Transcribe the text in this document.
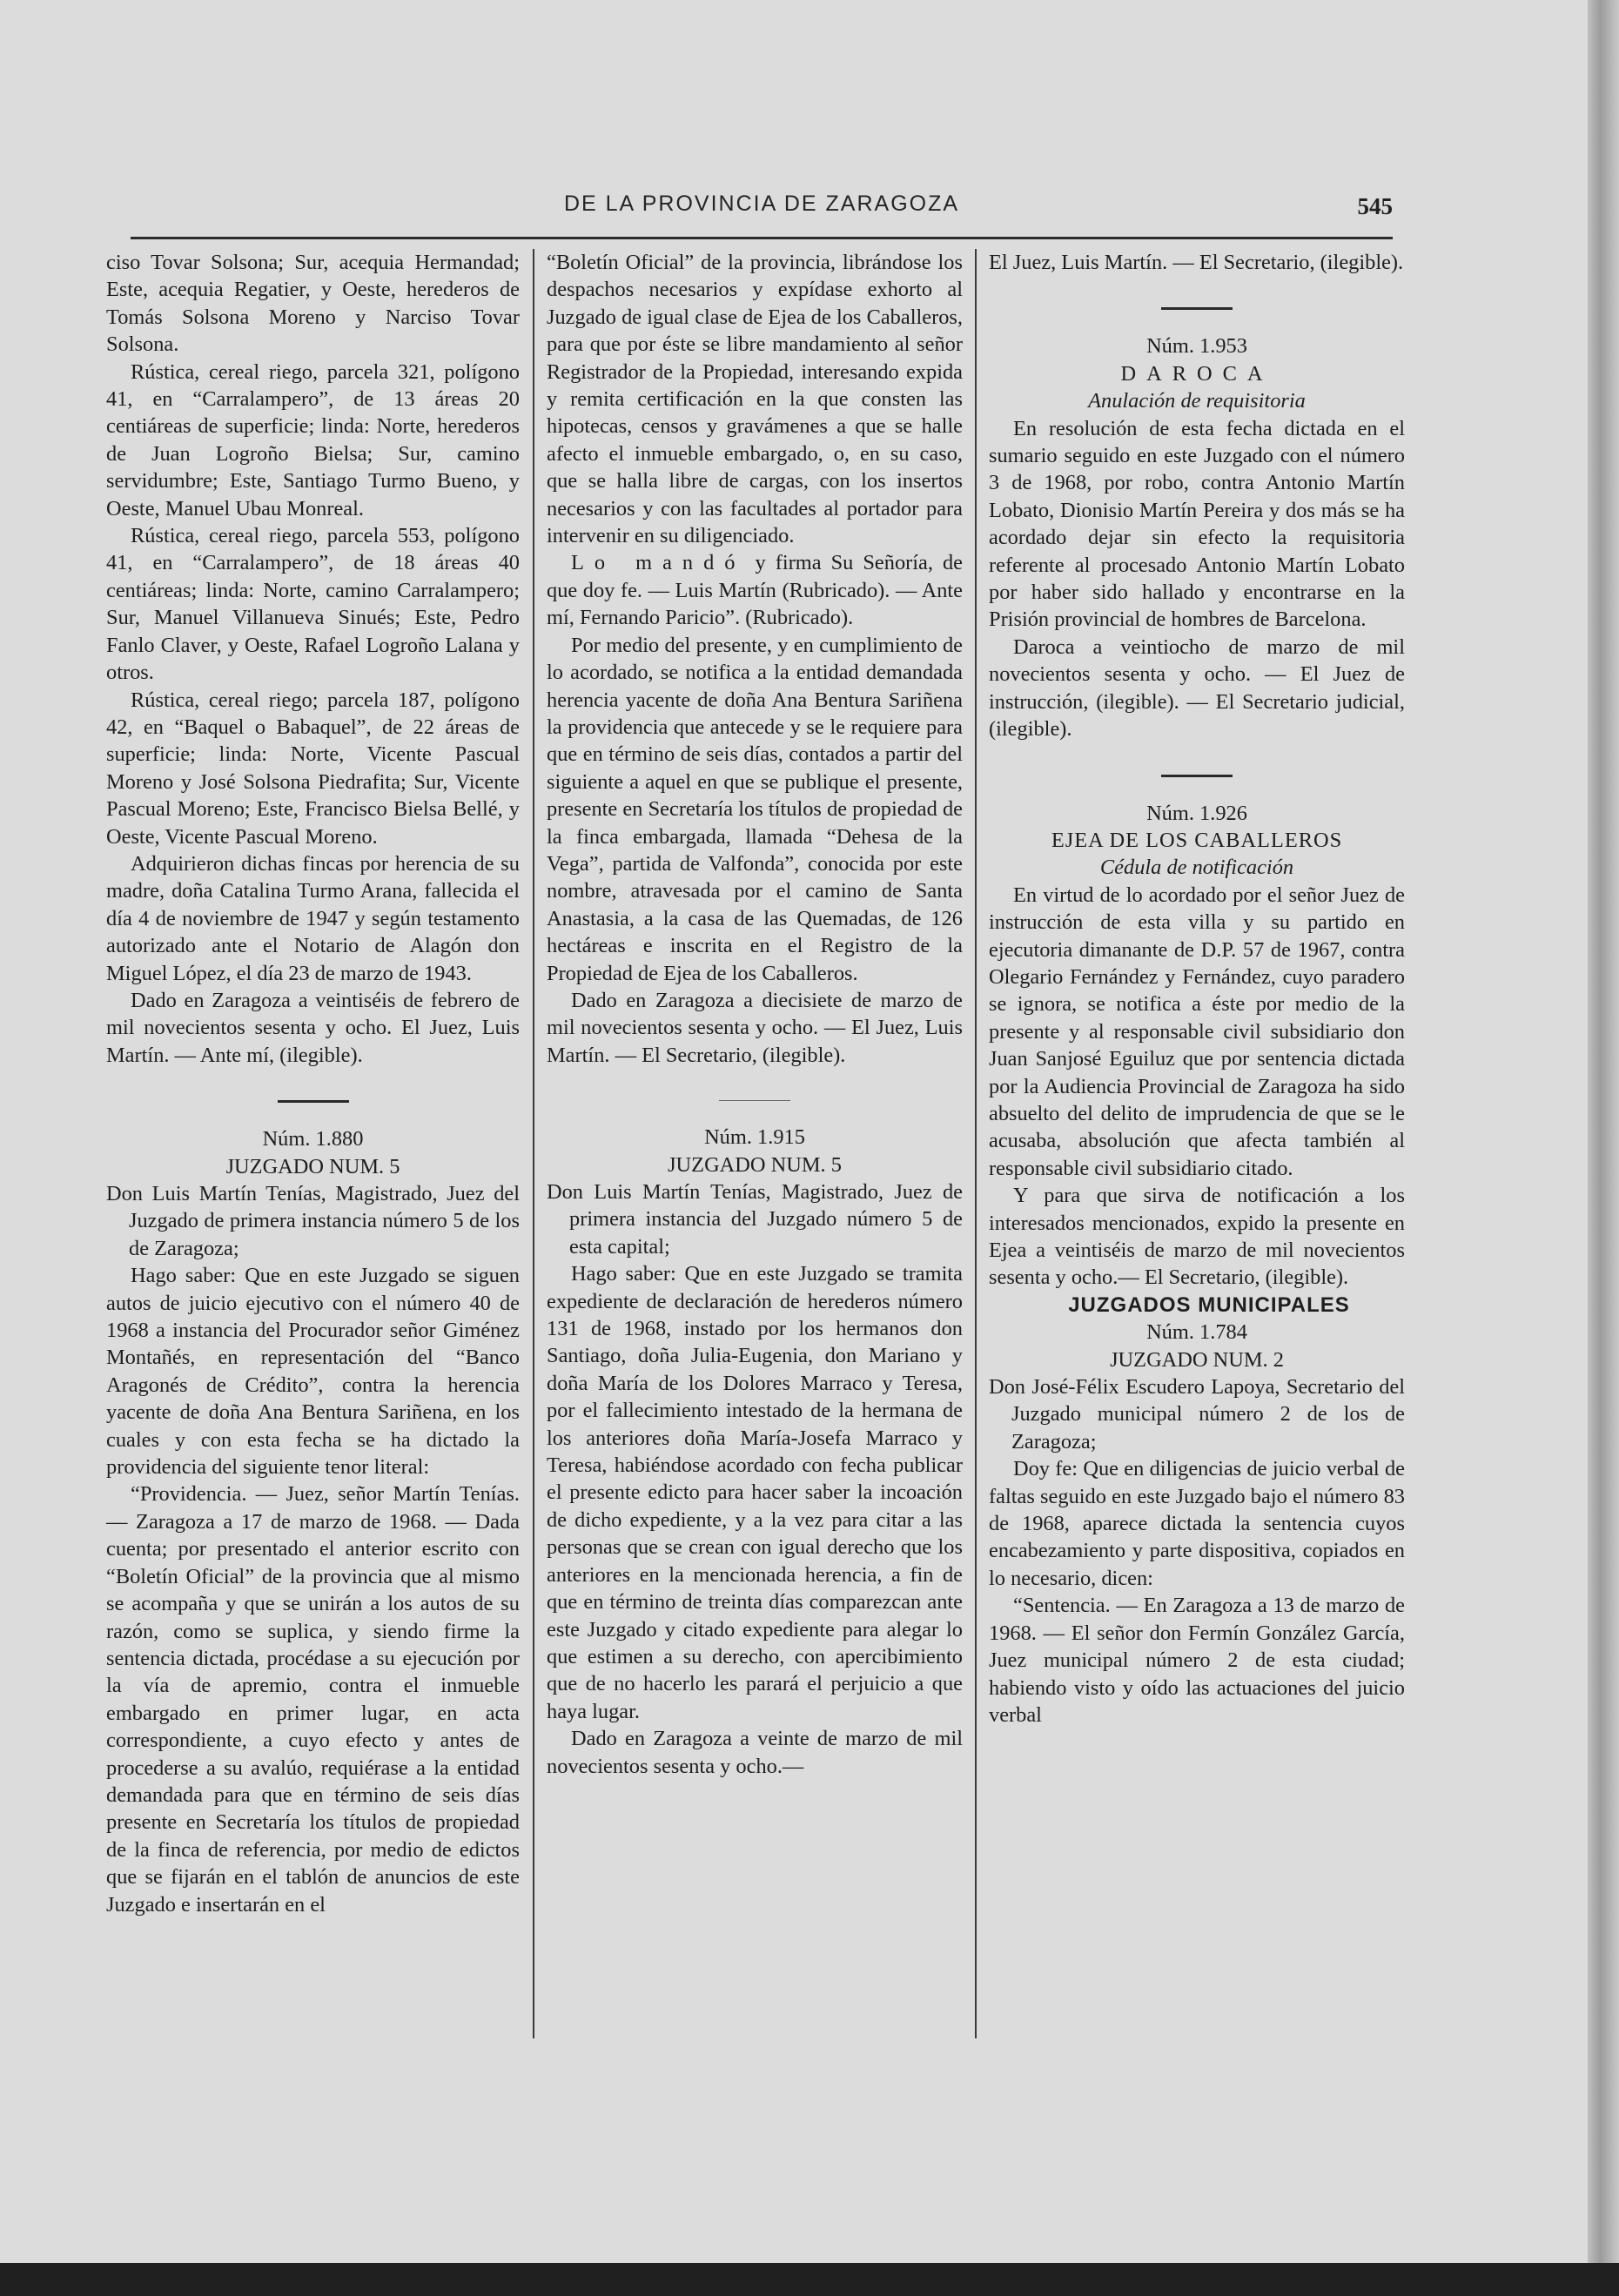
DE LA PROVINCIA DE ZARAGOZA	545

ciso Tovar Solsona; Sur, acequia Hermandad; Este, acequia Regatier, y Oeste, herederos de Tomás Solsona Moreno y Narciso Tovar Solsona.

Rústica, cereal riego, parcela 321, polígono 41, en “Carralampero”, de 13 áreas 20 centiáreas de superficie; linda: Norte, herederos de Juan Logroño Bielsa; Sur, camino servidumbre; Este, Santiago Turmo Bueno, y Oeste, Manuel Ubau Monreal.

Rústica, cereal riego, parcela 553, polígono 41, en “Carralampero”, de 18 áreas 40 centiáreas; linda: Norte, camino Carralampero; Sur, Manuel Villanueva Sinués; Este, Pedro Fanlo Claver, y Oeste, Rafael Logroño Lalana y otros.

Rústica, cereal riego; parcela 187, polígono 42, en “Baquel o Babaquel”, de 22 áreas de superficie; linda: Norte, Vicente Pascual Moreno y José Solsona Piedrafita; Sur, Vicente Pascual Moreno; Este, Francisco Bielsa Bellé, y Oeste, Vicente Pascual Moreno.

Adquirieron dichas fincas por herencia de su madre, doña Catalina Turmo Arana, fallecida el día 4 de noviembre de 1947 y según testamento autorizado ante el Notario de Alagón don Miguel López, el día 23 de marzo de 1943.

Dado en Zaragoza a veintiséis de febrero de mil novecientos sesenta y ocho. El Juez, Luis Martín. — Ante mí, (ilegible).

Núm. 1.880

JUZGADO NUM. 5

Don Luis Martín Tenías, Magistrado, Juez del Juzgado de primera instancia número 5 de los de Zaragoza;

Hago saber: Que en este Juzgado se siguen autos de juicio ejecutivo con el número 40 de 1968 a instancia del Procurador señor Giménez Montañés, en representación del “Banco Aragonés de Crédito”, contra la herencia yacente de doña Ana Bentura Sariñena, en los cuales y con esta fecha se ha dictado la providencia del siguiente tenor literal:

“Providencia. — Juez, señor Martín Tenías. — Zaragoza a 17 de marzo de 1968. — Dada cuenta; por presentado el anterior escrito con “Boletín Oficial” de la provincia que al mismo se acompaña y que se unirán a los autos de su razón, como se suplica, y siendo firme la sentencia dictada, procédase a su ejecución por la vía de apremio, contra el inmueble embargado en primer lugar, en acta correspondiente, a cuyo efecto y antes de procederse a su avalúo, requiérase a la entidad demandada para que en término de seis días presente en Secretaría los títulos de propiedad de la finca de referencia, por medio de edictos que se fijarán en el tablón de anuncios de este Juzgado e insertarán en el

“Boletín Oficial” de la provincia, librándose los despachos necesarios y expídase exhorto al Juzgado de igual clase de Ejea de los Caballeros, para que por éste se libre mandamiento al señor Registrador de la Propiedad, interesando expida y remita certificación en la que consten las hipotecas, censos y gravámenes a que se halle afecto el inmueble embargado, o, en su caso, que se halla libre de cargas, con los insertos necesarios y con las facultades al portador para intervenir en su diligenciado.

Lo mandó y firma Su Señoría, de que doy fe. — Luis Martín (Rubricado). — Ante mí, Fernando Paricio”. (Rubricado).

Por medio del presente, y en cumplimiento de lo acordado, se notifica a la entidad demandada herencia yacente de doña Ana Bentura Sariñena la providencia que antecede y se le requiere para que en término de seis días, contados a partir del siguiente a aquel en que se publique el presente, presente en Secretaría los títulos de propiedad de la finca embargada, llamada “Dehesa de la Vega”, partida de Valfonda”, conocida por este nombre, atravesada por el camino de Santa Anastasia, a la casa de las Quemadas, de 126 hectáreas e inscrita en el Registro de la Propiedad de Ejea de los Caballeros.

Dado en Zaragoza a diecisiete de marzo de mil novecientos sesenta y ocho. — El Juez, Luis Martín. — El Secretario, (ilegible).

Núm. 1.915

JUZGADO NUM. 5

Don Luis Martín Tenías, Magistrado, Juez de primera instancia del Juzgado número 5 de esta capital;

Hago saber: Que en este Juzgado se tramita expediente de declaración de herederos número 131 de 1968, instado por los hermanos don Santiago, doña Julia-Eugenia, don Mariano y doña María de los Dolores Marraco y Teresa, por el fallecimiento intestado de la hermana de los anteriores doña María-Josefa Marraco y Teresa, habiéndose acordado con fecha publicar el presente edicto para hacer saber la incoación de dicho expediente, y a la vez para citar a las personas que se crean con igual derecho que los anteriores en la mencionada herencia, a fin de que en término de treinta días comparezcan ante este Juzgado y citado expediente para alegar lo que estimen a su derecho, con apercibimiento que de no hacerlo les parará el perjuicio a que haya lugar.

Dado en Zaragoza a veinte de marzo de mil novecientos sesenta y ocho.—

El Juez, Luis Martín. — El Secretario, (ilegible).

Núm. 1.953

DAROCA

Anulación de requisitoria

En resolución de esta fecha dictada en el sumario seguido en este Juzgado con el número 3 de 1968, por robo, contra Antonio Martín Lobato, Dionisio Martín Pereira y dos más se ha acordado dejar sin efecto la requisitoria referente al procesado Antonio Martín Lobato por haber sido hallado y encontrarse en la Prisión provincial de hombres de Barcelona.

Daroca a veintiocho de marzo de mil novecientos sesenta y ocho. — El Juez de instrucción, (ilegible). — El Secretario judicial, (ilegible).

Núm. 1.926

EJEA DE LOS CABALLEROS

Cédula de notificación

En virtud de lo acordado por el señor Juez de instrucción de esta villa y su partido en ejecutoria dimanante de D.P. 57 de 1967, contra Olegario Fernández y Fernández, cuyo paradero se ignora, se notifica a éste por medio de la presente y al responsable civil subsidiario don Juan Sanjosé Eguiluz que por sentencia dictada por la Audiencia Provincial de Zaragoza ha sido absuelto del delito de imprudencia de que se le acusaba, absolución que afecta también al responsable civil subsidiario citado.

Y para que sirva de notificación a los interesados mencionados, expido la presente en Ejea a veintiséis de marzo de mil novecientos sesenta y ocho.— El Secretario, (ilegible).

JUZGADOS MUNICIPALES

Núm. 1.784

JUZGADO NUM. 2

Don José-Félix Escudero Lapoya, Secretario del Juzgado municipal número 2 de los de Zaragoza;

Doy fe: Que en diligencias de juicio verbal de faltas seguido en este Juzgado bajo el número 83 de 1968, aparece dictada la sentencia cuyos encabezamiento y parte dispositiva, copiados en lo necesario, dicen:

“Sentencia. — En Zaragoza a 13 de marzo de 1968. — El señor don Fermín González García, Juez municipal número 2 de esta ciudad; habiendo visto y oído las actuaciones del juicio verbal
